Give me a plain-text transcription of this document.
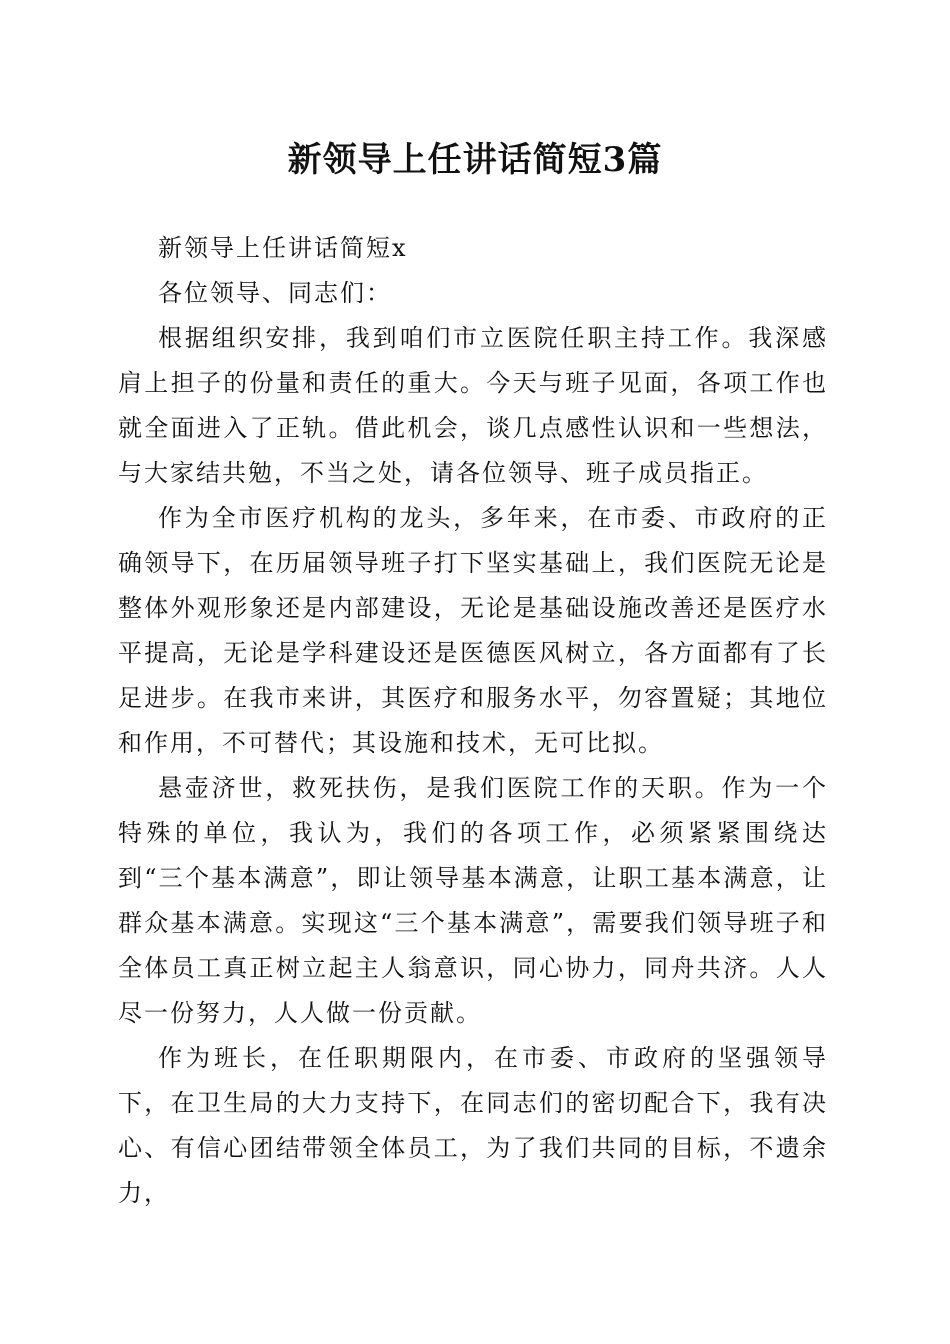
新领导上任讲话简短3篇

新领导上任讲话简短x

各位领导、同志们：

根据组织安排，我到咱们市立医院任职主持工作。我深感肩上担子的份量和责任的重大。今天与班子见面，各项工作也就全面进入了正轨。借此机会，谈几点感性认识和一些想法，与大家结共勉，不当之处，请各位领导、班子成员指正。

作为全市医疗机构的龙头，多年来，在市委、市政府的正确领导下，在历届领导班子打下坚实基础上，我们医院无论是整体外观形象还是内部建设，无论是基础设施改善还是医疗水平提高，无论是学科建设还是医德医风树立，各方面都有了长足进步。在我市来讲，其医疗和服务水平，勿容置疑；其地位和作用，不可替代；其设施和技术，无可比拟。

悬壶济世，救死扶伤，是我们医院工作的天职。作为一个特殊的单位，我认为，我们的各项工作，必须紧紧围绕达到“三个基本满意”，即让领导基本满意，让职工基本满意，让群众基本满意。实现这“三个基本满意”，需要我们领导班子和全体员工真正树立起主人翁意识，同心协力，同舟共济。人人尽一份努力，人人做一份贡献。

作为班长，在任职期限内，在市委、市政府的坚强领导下，在卫生局的大力支持下，在同志们的密切配合下，我有决心、有信心团结带领全体员工，为了我们共同的目标，不遗余力，
